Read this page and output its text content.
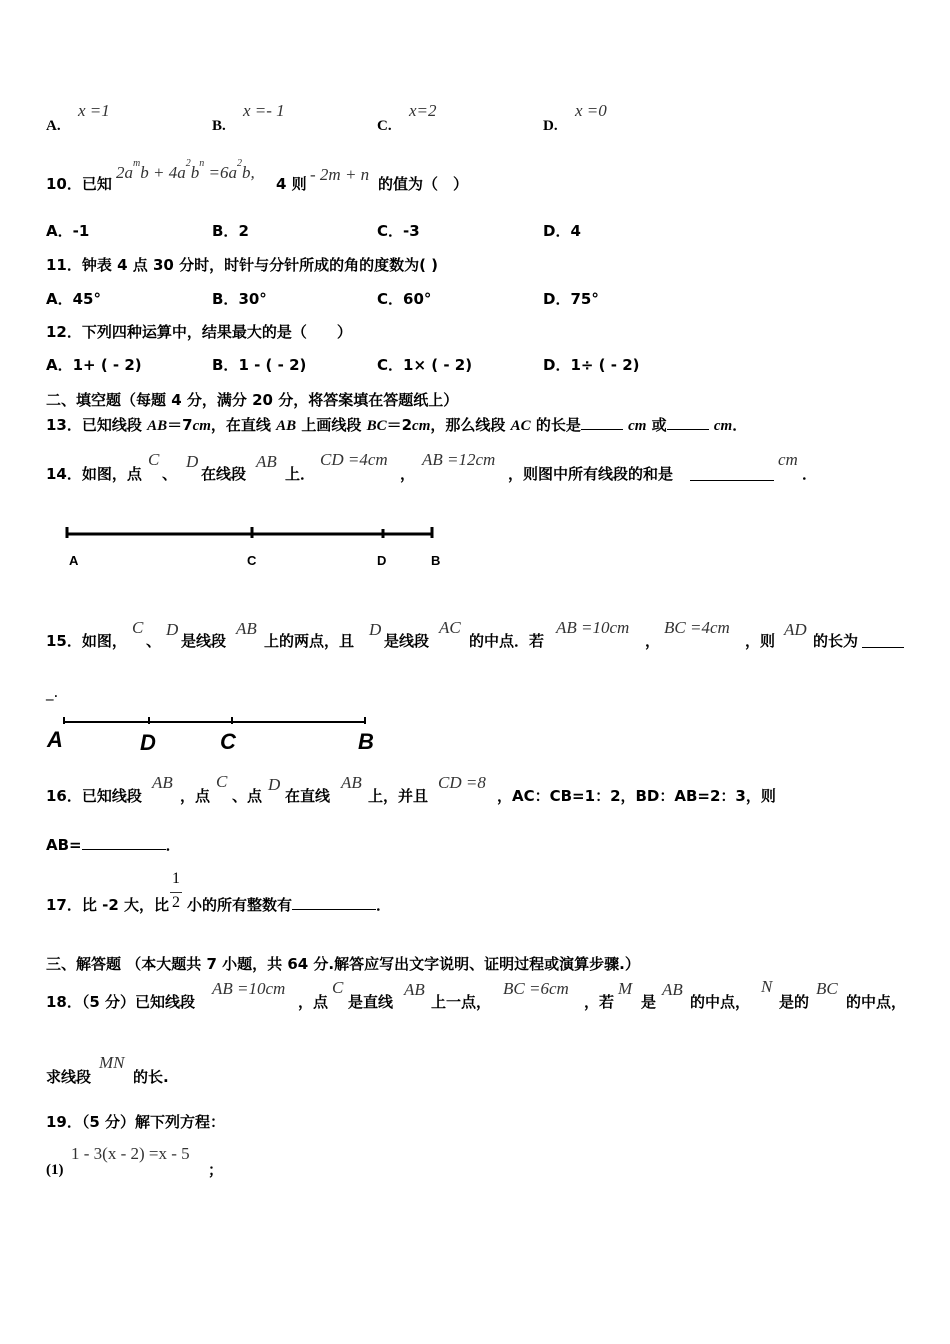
A.
x =1
B.
x =- 1
C.
x=2
D.
x =0
10．已知
$2a^mb + 4a^2b^n =6a^2b$,
4 则 - 2m + n 的值为（　）
A．-1	B．2	C．-3	D．4
11．钟表 4 点 30 分时，时针与分针所成的角的度数为( )
A．45°	B．30°	C．60°	D．75°
12．下列四种运算中，结果最大的是（　　）
A．1+ ( - 2)	B．1 - ( - 2)	C．1× ( - 2)	D．1÷ ( - 2)
二、填空题（每题 4 分，满分 20 分，将答案填在答题纸上）
13．已知线段 AB＝7cm，在直线 AB 上画线段 BC＝2cm，那么线段 AC 的长是	cm 或	cm．
14．如图，点
C
、
D
在线段
AB
上．
CD =4cm
，
AB =12cm
，则图中所有线段的和是
cm
．
A	C	D	B
15．如图，
C
、
D
是线段
AB
上的两点，且
D
是线段
AC
的中点．若
AB =10cm
，
BC =4cm
，则
AD
的长为
_.
A	D	C	B
16．已知线段
AB
，点
C
、点
D
在直线
AB
上，并且
CD =8
，AC：CB=1：2，BD：AB=2：3，则
AB=	．
17．比 -2 大，比
1
2 小的所有整数有	．
三、解答题 （本大题共 7 小题，共 64 分.解答应写出文字说明、证明过程或演算步骤.）
18．（5 分）已知线段
AB =10cm
，点
C
是直线
AB
上一点，
BC =6cm
，若
M
是
AB
的中点，
N
是的
BC
的中点，
求线段
MN
的长.
19．（5 分）解下列方程：
(1)
1 - 3(x - 2) =x - 5
；
